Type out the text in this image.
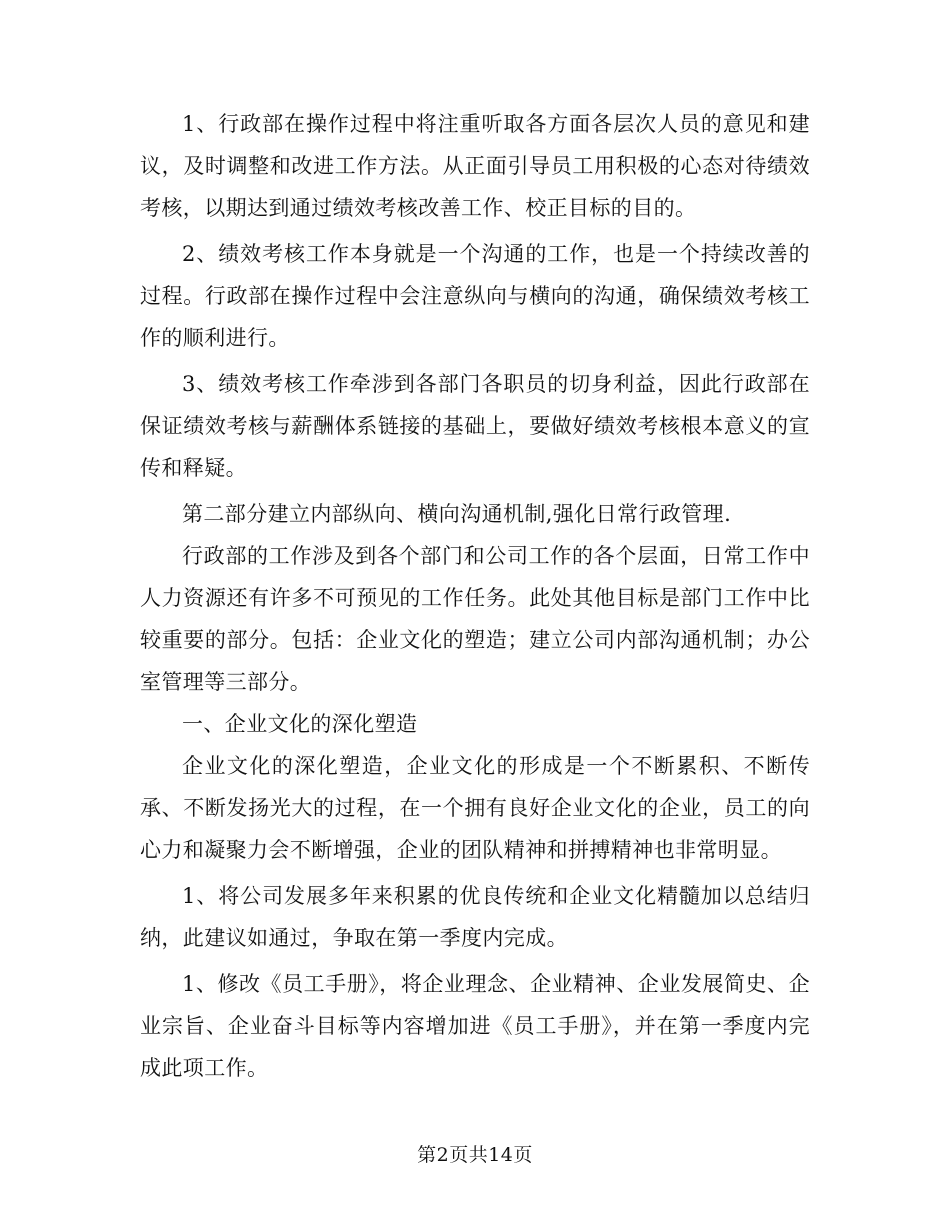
1、行政部在操作过程中将注重听取各方面各层次人员的意见和建议，及时调整和改进工作方法。从正面引导员工用积极的心态对待绩效考核，以期达到通过绩效考核改善工作、校正目标的目的。

2、绩效考核工作本身就是一个沟通的工作，也是一个持续改善的过程。行政部在操作过程中会注意纵向与横向的沟通，确保绩效考核工作的顺利进行。

3、绩效考核工作牵涉到各部门各职员的切身利益，因此行政部在保证绩效考核与薪酬体系链接的基础上，要做好绩效考核根本意义的宣传和释疑。

第二部分建立内部纵向、横向沟通机制,强化日常行政管理.

行政部的工作涉及到各个部门和公司工作的各个层面，日常工作中人力资源还有许多不可预见的工作任务。此处其他目标是部门工作中比较重要的部分。包括：企业文化的塑造；建立公司内部沟通机制；办公室管理等三部分。

一、企业文化的深化塑造

企业文化的深化塑造，企业文化的形成是一个不断累积、不断传承、不断发扬光大的过程，在一个拥有良好企业文化的企业，员工的向心力和凝聚力会不断增强，企业的团队精神和拼搏精神也非常明显。

1、将公司发展多年来积累的优良传统和企业文化精髓加以总结归纳，此建议如通过，争取在第一季度内完成。

1、修改《员工手册》，将企业理念、企业精神、企业发展简史、企业宗旨、企业奋斗目标等内容增加进《员工手册》，并在第一季度内完成此项工作。

第2页共14页
